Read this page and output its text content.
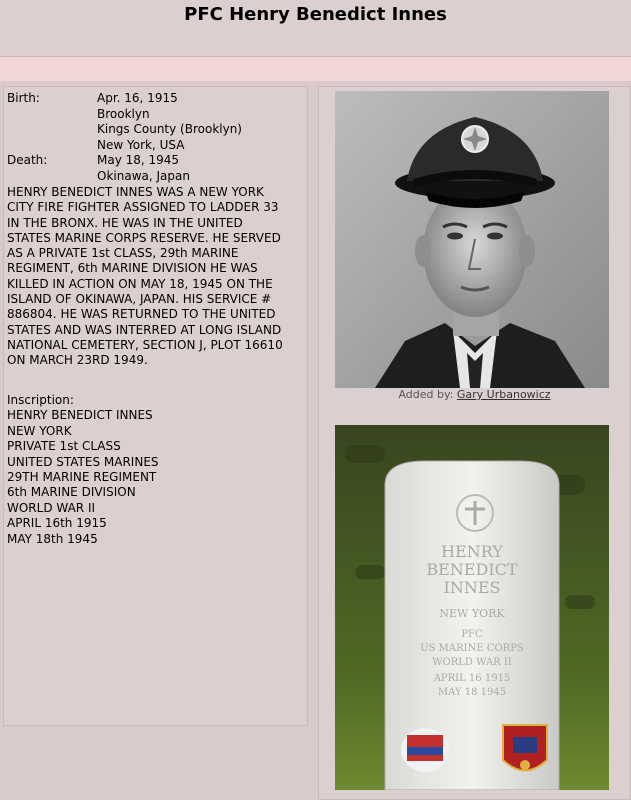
PFC Henry Benedict Innes
Birth:	Apr. 16, 1915
Brooklyn
Kings County (Brooklyn)
New York, USA
Death:	May 18, 1945
Okinawa, Japan
HENRY BENEDICT INNES WAS A NEW YORK
CITY FIRE FIGHTER ASSIGNED TO LADDER 33
IN THE BRONX. HE WAS IN THE UNITED
STATES MARINE CORPS RESERVE. HE SERVED
AS A PRIVATE 1st CLASS, 29th MARINE
REGIMENT, 6th MARINE DIVISION HE WAS
KILLED IN ACTION ON MAY 18, 1945 ON THE
ISLAND OF OKINAWA, JAPAN. HIS SERVICE #
886804. HE WAS RETURNED TO THE UNITED
STATES AND WAS INTERRED AT LONG ISLAND
NATIONAL CEMETERY, SECTION J, PLOT 16610
ON MARCH 23RD 1949.
Inscription:
HENRY BENEDICT INNES
NEW YORK
PRIVATE 1st CLASS
UNITED STATES MARINES
29TH MARINE REGIMENT
6th MARINE DIVISION
WORLD WAR II
APRIL 16th 1915
MAY 18th 1945
Added by: Gary Urbanowicz
HENRY
BENEDICT
INNES
NEW YORK
PFC
US MARINE CORPS
WORLD WAR II
APRIL 16 1915
MAY 18 1945
